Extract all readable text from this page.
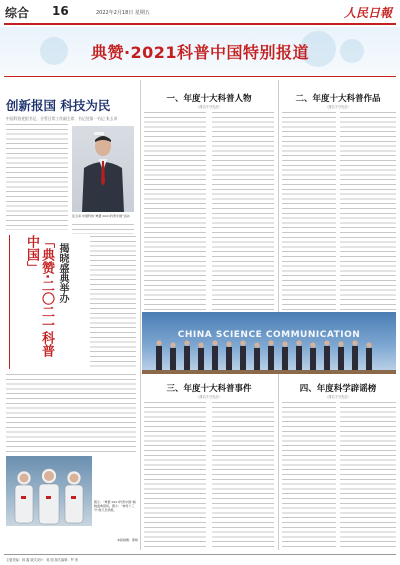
综合 16	2022年2月18日 星期五	人民日報
典赞·2021科普中国特别报道
创新报国 科技为民
中国科协党组书记、分管日常工作副主席、书记处第一书记 张玉卓
张玉卓 中国科协“典赞·2021科普中国”活动
「典赞·二〇二一科普中国」	揭晓盛典举办
图①：“典赞·2021科普中国”揭晓盛典现场。图②：“神舟十三号”航天员乘组。
本版制图：郭婷
一、年度十大科普人物
（排名不分先后）
二、年度十大科普作品
（排名不分先后）
CHINA SCIENCE COMMUNICATION
三、年度十大科普事件
（排名不分先后）
四、年度科学辟谣榜
（排名不分先后）
主版责编：林 鑫 版式设计：蒋 蔚 版式编辑：罗 茜
